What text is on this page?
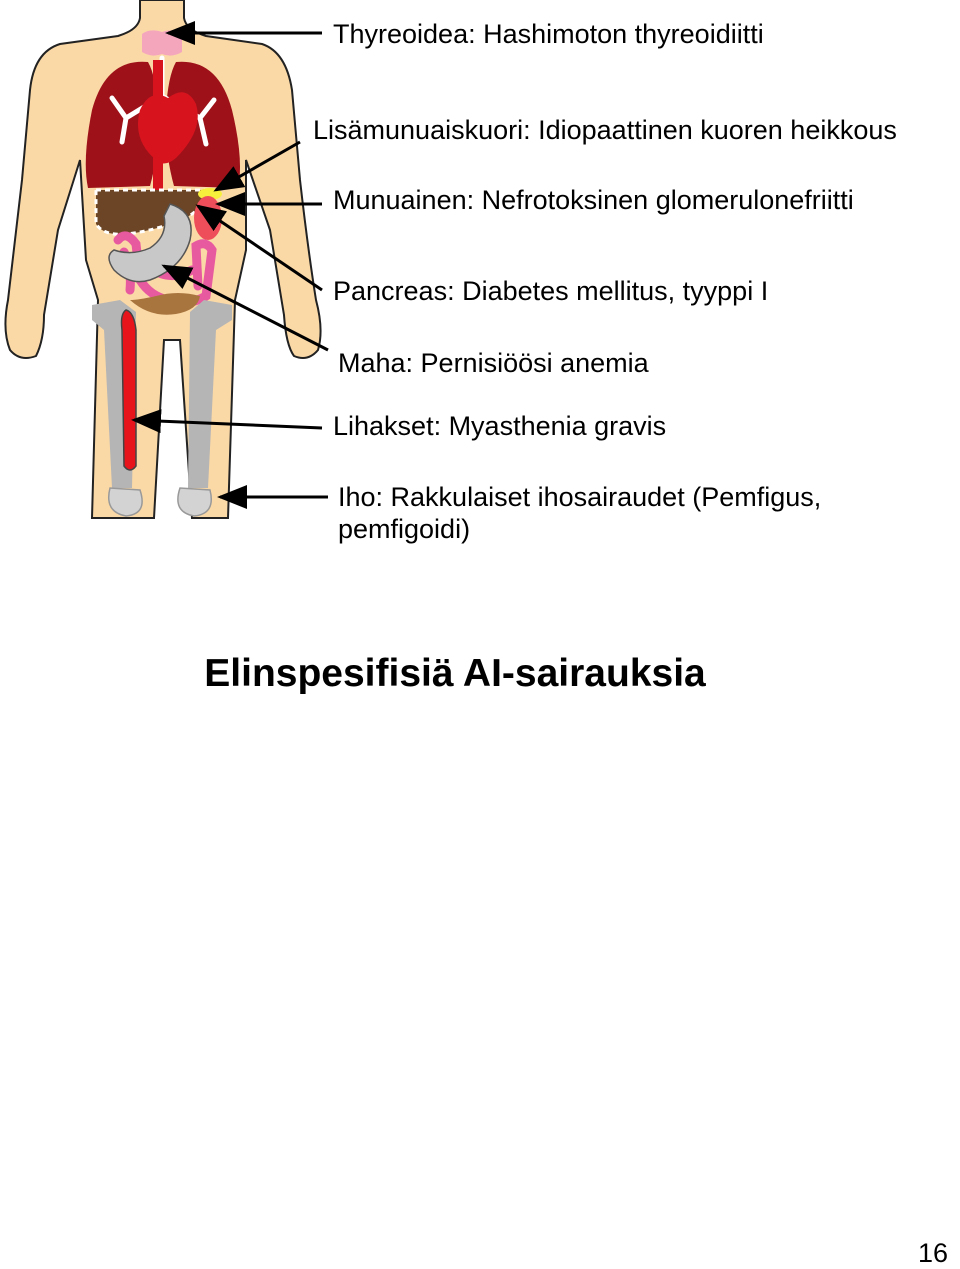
Thyreoidea: Hashimoton thyreoidiitti
Lisämunuaiskuori: Idiopaattinen kuoren heikkous
Munuainen: Nefrotoksinen glomerulonefriitti
Pancreas: Diabetes mellitus, tyyppi I
Maha: Pernisiöösi anemia
Lihakset: Myasthenia gravis
Iho: Rakkulaiset ihosairaudet (Pemfigus, pemfigoidi)
Elinspesifisiä AI-sairauksia
16
